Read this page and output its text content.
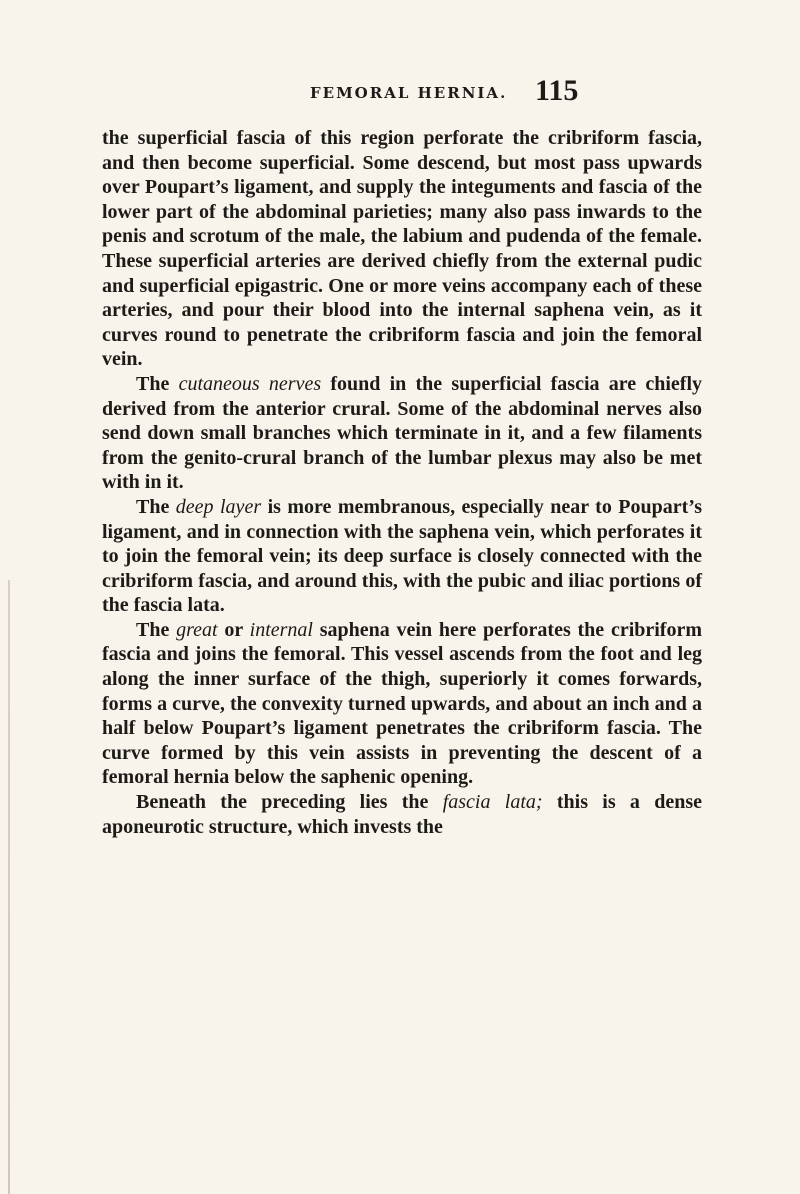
FEMORAL HERNIA. 115

the superficial fascia of this region perforate the cribriform fascia, and then become superficial. Some descend, but most pass upwards over Poupart’s ligament, and supply the integuments and fascia of the lower part of the abdominal parieties; many also pass inwards to the penis and scrotum of the male, the labium and pudenda of the female. These superficial arteries are derived chiefly from the external pudic and superficial epigastric. One or more veins accompany each of these arteries, and pour their blood into the internal saphena vein, as it curves round to penetrate the cribriform fascia and join the femoral vein.

The cutaneous nerves found in the superficial fascia are chiefly derived from the anterior crural. Some of the abdominal nerves also send down small branches which terminate in it, and a few filaments from the genito-crural branch of the lumbar plexus may also be met with in it.

The deep layer is more membranous, especially near to Poupart’s ligament, and in connection with the saphena vein, which perforates it to join the femoral vein; its deep surface is closely connected with the cribriform fascia, and around this, with the pubic and iliac portions of the fascia lata.

The great or internal saphena vein here perforates the cribriform fascia and joins the femoral. This vessel ascends from the foot and leg along the inner surface of the thigh, superiorly it comes forwards, forms a curve, the convexity turned upwards, and about an inch and a half below Poupart’s ligament penetrates the cribriform fascia. The curve formed by this vein assists in preventing the descent of a femoral hernia below the saphenic opening.

Beneath the preceding lies the fascia lata; this is a dense aponeurotic structure, which invests the
